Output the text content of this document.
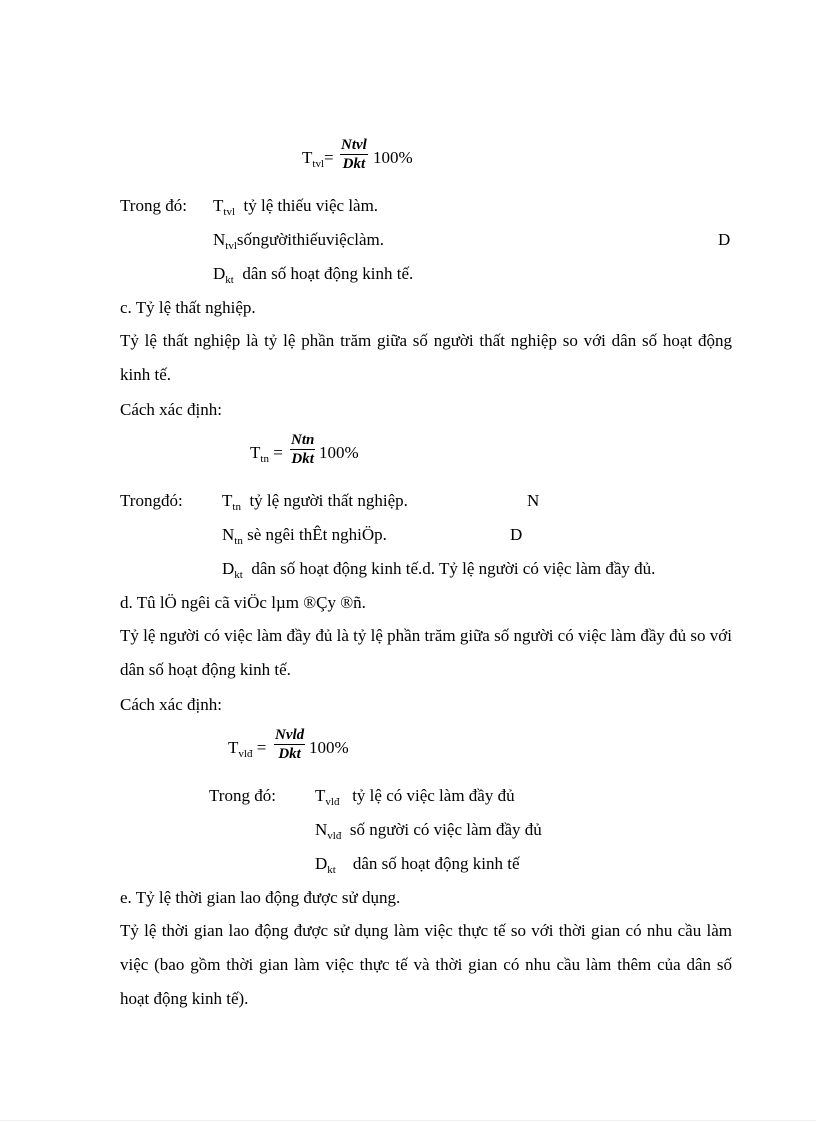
$T_{tvl}=$
Ntvl
Dkt 100%
Trong đó: $T_{tvl}$ tỷ lệ thiếu việc làm.
$N_{tvl}sốngườithiếuviệclàm$.	D
$D_{kt}$ dân số hoạt động kinh tế.
c. Tỷ lệ thất nghiệp.
Tỷ lệ thất nghiệp là tỷ lệ phần trăm giữa số người thất nghiệp so với dân số hoạt động kinh tế.
Cách xác định:
$T_{tn}$ =
Ntn
Dkt 100%
Trongđó: $T_{tn}$ tỷ lệ người thất nghiệp.	N
$N_{tn}$ sè ngêi thÊt nghiÖp.	D
$D_{kt}$ dân số hoạt động kinh tế.d. Tỷ lệ người có việc làm đầy đủ.
d. Tû lÖ ngêi cã viÖc lµm ®Çy ®ñ.
Tỷ lệ người có việc làm đầy đủ là tỷ lệ phần trăm giữa số người có việc làm đầy đủ so với dân số hoạt động kinh tế.
Cách xác định:
$T_{vlđ}$ =
Nvld
Dkt 100%
Trong đó: $T_{vlđ}$ tỷ lệ có việc làm đầy đủ
$N_{vlđ}$ số người có việc làm đầy đủ
$D_{kt}$ dân số hoạt động kinh tế
e. Tỷ lệ thời gian lao động được sử dụng.
Tỷ lệ thời gian lao động được sử dụng làm việc thực tế so với thời gian có nhu cầu làm việc (bao gồm thời gian làm việc thực tế và thời gian có nhu cầu làm thêm của dân số hoạt động kinh tế).
